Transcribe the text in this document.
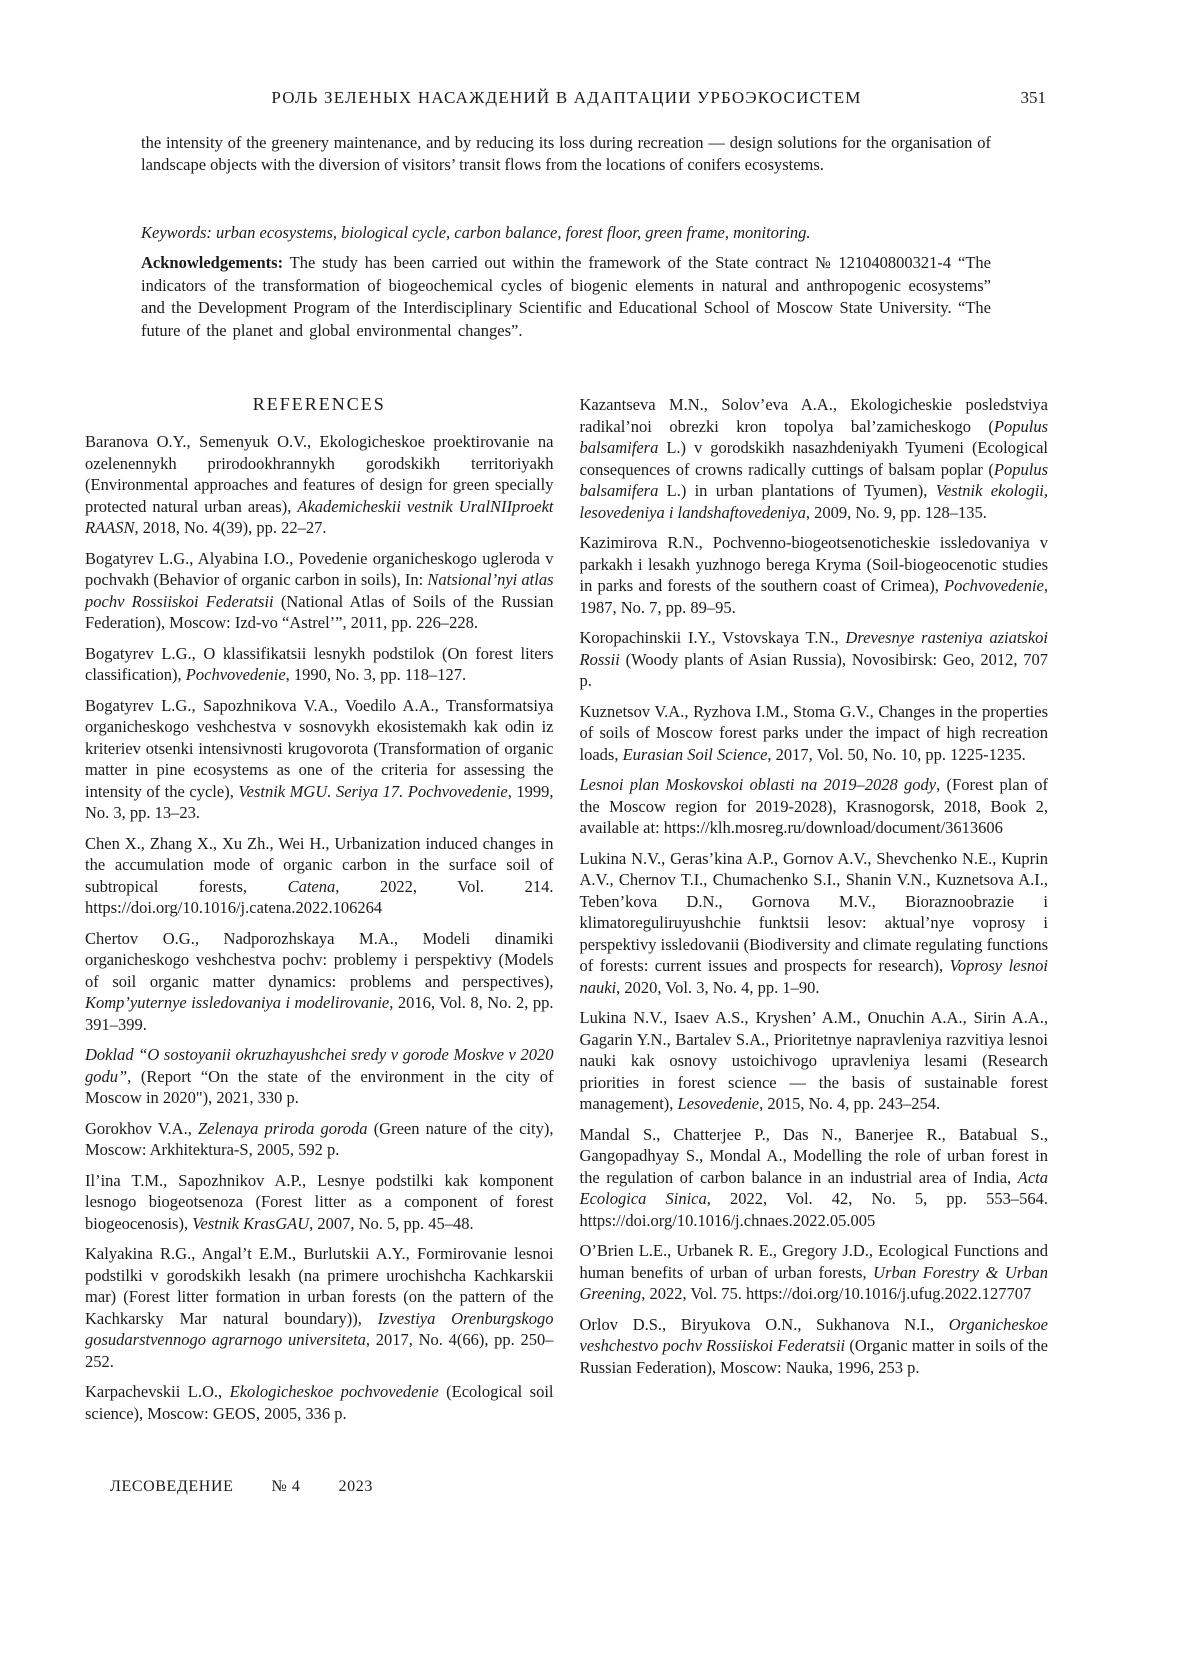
РОЛЬ ЗЕЛЕНЫХ НАСАЖДЕНИЙ В АДАПТАЦИИ УРБОЭКОСИСТЕМ	351

the intensity of the greenery maintenance, and by reducing its loss during recreation — design solutions for the organisation of landscape objects with the diversion of visitors’ transit flows from the locations of conifers ecosystems.

Keywords: urban ecosystems, biological cycle, carbon balance, forest floor, green frame, monitoring.

Acknowledgements: The study has been carried out within the framework of the State contract № 121040800321-4 “The indicators of the transformation of biogeochemical cycles of biogenic elements in natural and anthropogenic ecosystems” and the Development Program of the Interdisciplinary Scientific and Educational School of Moscow State University. “The future of the planet and global environmental changes”.

REFERENCES

Baranova O.Y., Semenyuk O.V., Ekologicheskoe proektirovanie na ozelenennykh prirodookhrannykh gorodskikh territoriyakh (Environmental approaches and features of design for green specially protected natural urban areas), Akademicheskii vestnik UralNIIproekt RAASN, 2018, No. 4(39), pp. 22–27.

Bogatyrev L.G., Alyabina I.O., Povedenie organicheskogo ugleroda v pochvakh (Behavior of organic carbon in soils), In: Natsional’nyi atlas pochv Rossiiskoi Federatsii (National Atlas of Soils of the Russian Federation), Moscow: Izd-vo “Astrel’”, 2011, pp. 226–228.

Bogatyrev L.G., O klassifikatsii lesnykh podstilok (On forest liters classification), Pochvovedenie, 1990, No. 3, pp. 118–127.

Bogatyrev L.G., Sapozhnikova V.A., Voedilo A.A., Transformatsiya organicheskogo veshchestva v sosnovykh ekosistemakh kak odin iz kriteriev otsenki intensivnosti krugovorota (Transformation of organic matter in pine ecosystems as one of the criteria for assessing the intensity of the cycle), Vestnik MGU. Seriya 17. Pochvovedenie, 1999, No. 3, pp. 13–23.

Chen X., Zhang X., Xu Zh., Wei H., Urbanization induced changes in the accumulation mode of organic carbon in the surface soil of subtropical forests, Catena, 2022, Vol. 214. https://doi.org/10.1016/j.catena.2022.106264

Chertov O.G., Nadporozhskaya M.A., Modeli dinamiki organicheskogo veshchestva pochv: problemy i perspektivy (Models of soil organic matter dynamics: problems and perspectives), Komp’yuternye issledovaniya i modelirovanie, 2016, Vol. 8, No. 2, pp. 391–399.

Doklad “O sostoyanii okruzhayushchei sredy v gorode Moskve v 2020 godu”, (Report “On the state of the environment in the city of Moscow in 2020"), 2021, 330 p.

Gorokhov V.A., Zelenaya priroda goroda (Green nature of the city), Moscow: Arkhitektura-S, 2005, 592 p.

Il’ina T.M., Sapozhnikov A.P., Lesnye podstilki kak komponent lesnogo biogeotsenoza (Forest litter as a component of forest biogeocenosis), Vestnik KrasGAU, 2007, No. 5, pp. 45–48.

Kalyakina R.G., Angal’t E.M., Burlutskii A.Y., Formirovanie lesnoi podstilki v gorodskikh lesakh (na primere urochishcha Kachkarskii mar) (Forest litter formation in urban forests (on the pattern of the Kachkarsky Mar natural boundary)), Izvestiya Orenburgskogo gosudarstvennogo agrarnogo universiteta, 2017, No. 4(66), pp. 250–252.

Karpachevskii L.O., Ekologicheskoe pochvovedenie (Ecological soil science), Moscow: GEOS, 2005, 336 p.

Kazantseva M.N., Solov’eva A.A., Ekologicheskie posledstviya radikal’noi obrezki kron topolya bal’zamicheskogo (Populus balsamifera L.) v gorodskikh nasazhdeniyakh Tyumeni (Ecological consequences of crowns radically cuttings of balsam poplar (Populus balsamifera L.) in urban plantations of Tyumen), Vestnik ekologii, lesovedeniya i landshaftovedeniya, 2009, No. 9, pp. 128–135.

Kazimirova R.N., Pochvenno-biogeotsenoticheskie issledovaniya v parkakh i lesakh yuzhnogo berega Kryma (Soil-biogeocenotic studies in parks and forests of the southern coast of Crimea), Pochvovedenie, 1987, No. 7, pp. 89–95.

Koropachinskii I.Y., Vstovskaya T.N., Drevesnye rasteniya aziatskoi Rossii (Woody plants of Asian Russia), Novosibirsk: Geo, 2012, 707 p.

Kuznetsov V.A., Ryzhova I.M., Stoma G.V., Changes in the properties of soils of Moscow forest parks under the impact of high recreation loads, Eurasian Soil Science, 2017, Vol. 50, No. 10, pp. 1225-1235.

Lesnoi plan Moskovskoi oblasti na 2019–2028 gody, (Forest plan of the Moscow region for 2019-2028), Krasnogorsk, 2018, Book 2, available at: https://klh.mosreg.ru/download/document/3613606

Lukina N.V., Geras’kina A.P., Gornov A.V., Shevchenko N.E., Kuprin A.V., Chernov T.I., Chumachenko S.I., Shanin V.N., Kuznetsova A.I., Teben’kova D.N., Gornova M.V., Bioraznoobrazie i klimatoreguliruyushchie funktsii lesov: aktual’nye voprosy i perspektivy issledovanii (Biodiversity and climate regulating functions of forests: current issues and prospects for research), Voprosy lesnoi nauki, 2020, Vol. 3, No. 4, pp. 1–90.

Lukina N.V., Isaev A.S., Kryshen’ A.M., Onuchin A.A., Sirin A.A., Gagarin Y.N., Bartalev S.A., Prioritetnye napravleniya razvitiya lesnoi nauki kak osnovy ustoichivogo upravleniya lesami (Research priorities in forest science — the basis of sustainable forest management), Lesovedenie, 2015, No. 4, pp. 243–254.

Mandal S., Chatterjee P., Das N., Banerjee R., Batabual S., Gangopadhyay S., Mondal A., Modelling the role of urban forest in the regulation of carbon balance in an industrial area of India, Acta Ecologica Sinica, 2022, Vol. 42, No. 5, pp. 553–564. https://doi.org/10.1016/j.chnaes.2022.05.005

O’Brien L.E., Urbanek R. E., Gregory J.D., Ecological Functions and human benefits of urban of urban forests, Urban Forestry & Urban Greening, 2022, Vol. 75. https://doi.org/10.1016/j.ufug.2022.127707

Orlov D.S., Biryukova O.N., Sukhanova N.I., Organicheskoe veshchestvo pochv Rossiiskoi Federatsii (Organic matter in soils of the Russian Federation), Moscow: Nauka, 1996, 253 p.

ЛЕСОВЕДЕНИЕ № 4 2023
